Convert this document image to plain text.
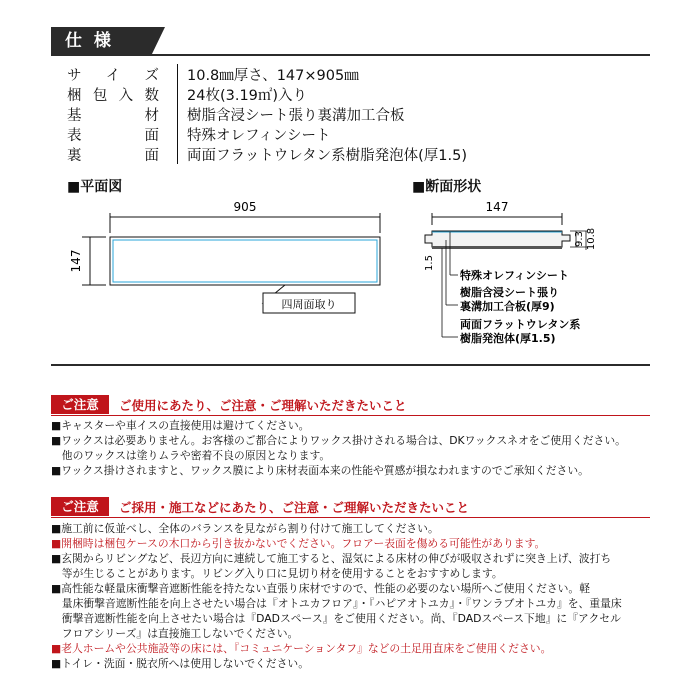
仕 様
サ イ ズ 10.8㎜厚さ、147×905㎜
梱 包 入 数 24枚(3.19㎡)入り
基	材 樹脂含浸シート張り裏溝加工合板
表	面 特殊オレフィンシート
裏	面 両面フラットウレタン系樹脂発泡体(厚1.5)
■平面図
905
147
四周面取り
■断面形状
147
9.3 10.8
1.5
特殊オレフィンシート
樹脂含浸シート張り
裏溝加工合板(厚9)
両面フラットウレタン系
樹脂発泡体(厚1.5)
ご注意	ご使用にあたり、ご注意・ご理解いただきたいこと

■キャスターや車イスの直接使用は避けてください。

■ワックスは必要ありません。お客様のご都合によりワックス掛けされる場合は、DKワックスネオをご使用ください。

　他のワックスは塗りムラや密着不良の原因となります。

■ワックス掛けされますと、ワックス膜により床材表面本来の性能や質感が損なわれますのでご承知ください。

ご注意	ご採用・施工などにあたり、ご注意・ご理解いただきたいこと

■施工前に仮並べし、全体のバランスを見ながら割り付けて施工してください。

■開梱時は梱包ケースの木口から引き抜かないでください。フロアー表面を傷める可能性があります。

■玄関からリビングなど、長辺方向に連続して施工すると、湿気による床材の伸びが吸収されずに突き上げ、波打ち

　等が生じることがあります。リビング入り口に見切り材を使用することをおすすめします。

■高性能な軽量床衝撃音遮断性能を持たない直張り床材ですので、性能の必要のない場所へご使用ください。軽

　量床衝撃音遮断性能を向上させたい場合は『オトユカフロア』・『ハピアオトユカ』・『ワンラブオトユカ』を、重量床

　衝撃音遮断性能を向上させたい場合は『DADスペース』をご使用ください。尚、『DADスペース下地』に『アクセル

　フロアシリーズ』は直接施工しないでください。

■老人ホームや公共施設等の床には、『コミュニケーションタフ』などの土足用直床をご使用ください。

■トイレ・洗面・脱衣所へは使用しないでください。
